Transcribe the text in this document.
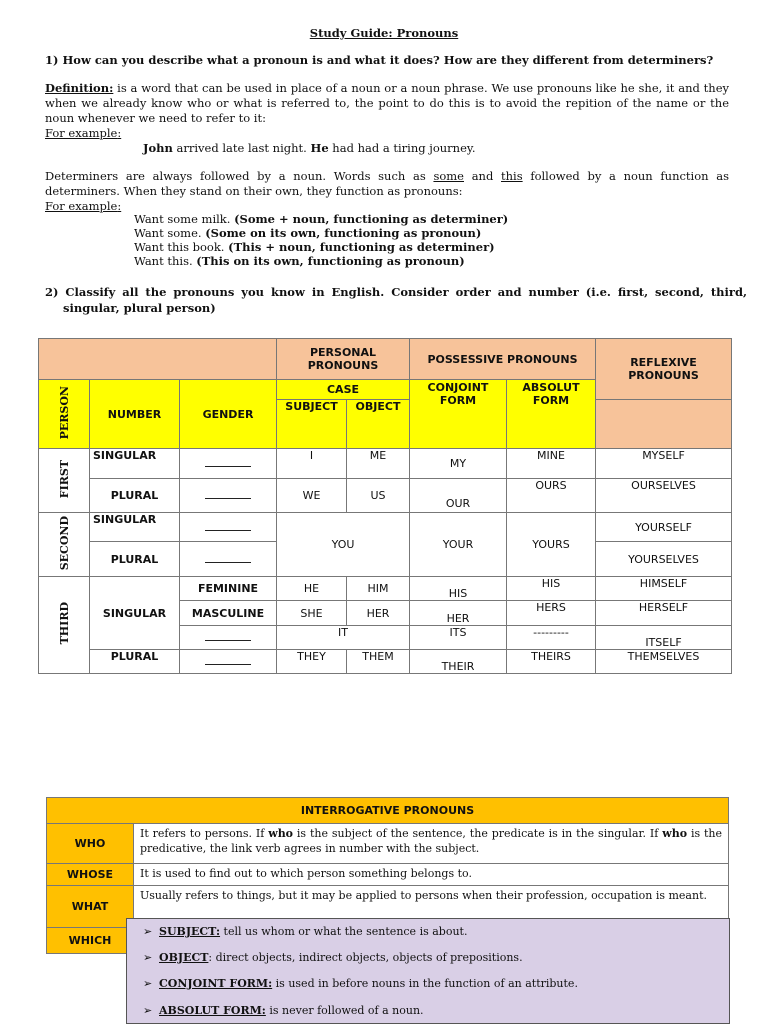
Study Guide: Pronouns
1) How can you describe what a pronoun is and what it does? How are they different from determiners?
Definition: is a word that can be used in place of a noun or a noun phrase. We use pronouns like he she, it and they when we already know who or what is referred to, the point to do this is to avoid the repition of the name or the noun whenever we need to refer to it:
For example:
John arrived late last night. He had had a tiring journey.
Determiners are always followed by a noun. Words such as some and this followed by a noun function as determiners. When they stand on their own, they function as pronouns:
For example:
Want some milk. (Some + noun, functioning as determiner)
Want some. (Some on its own, functioning as pronoun)
Want this book. (This + noun, functioning as determiner)
Want this. (This on its own, functioning as pronoun)
2) Classify all the pronouns you know in English. Consider order and number (i.e. first, second, third, singular, plural person)
			PERSONAL PRONOUNS		POSSESSIVE PRONOUNS		REFLEXIVE PRONOUNS
PERSON	NUMBER	GENDER	CASE		CONJOINT FORM	ABSOLUT FORM	
			SUBJECT	OBJECT			
FIRST	SINGULAR		I	ME	MY	MINE	MYSELF
	PLURAL		WE	US	OUR	OURS	OURSELVES
SECOND	SINGULAR		YOU		YOUR	YOURS	YOURSELF
	PLURAL						YOURSELVES
THIRD	SINGULAR	FEMININE	HE	HIM	HIS	HIS	HIMSELF
		MASCULINE	SHE	HER	HER	HERS	HERSELF
			IT		ITS	---------	ITSELF
	PLURAL		THEY	THEM	THEIR	THEIRS	THEMSELVES
INTERROGATIVE PRONOUNS	
WHO	It refers to persons. If who is the subject of the sentence, the predicate is in the singular. If who is the predicative, the link verb agrees in number with the subject.
WHOSE	It is used to find out to which person something belongs to.
WHAT	Usually refers to things, but it may be applied to persons when their profession, occupation is meant.
WHICH	
➢ SUBJECT: tell us whom or what the sentence is about.
➢ OBJECT: direct objects, indirect objects, objects of prepositions.
➢ CONJOINT FORM: is used in before nouns in the function of an attribute.
➢ ABSOLUT FORM: is never followed of a noun.
